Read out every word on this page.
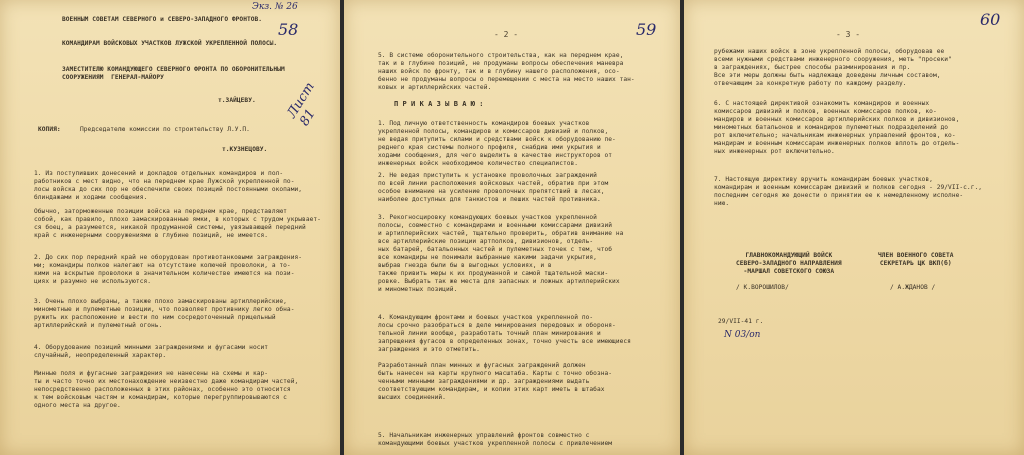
Экз. № 26
58
Лист 81
ВОЕННЫМ СОВЕТАМ СЕВЕРНОГО и СЕВЕРО-ЗАПАДНОГО ФРОНТОВ.
КОМАНДИРАМ ВОЙСКОВЫХ УЧАСТКОВ ЛУЖСКОЙ УКРЕПЛЕННОЙ ПОЛОСЫ.
ЗАМЕСТИТЕЛЮ КОМАНДУЮЩЕГО СЕВЕРНОГО ФРОНТА ПО ОБОРОНИТЕЛЬНЫМ
СООРУЖЕНИЯМ  ГЕНЕРАЛ-МАЙОРУ
т.ЗАЙЦЕВУ.
КОПИЯ:	Председателю комиссии по строительству Л.У.П.
т.КУЗНЕЦОВУ.
1. Из поступивших донесений и докладов отдельных командиров и пол-
работников с мест видно, что на переднем крае Лужской укрепленной по-
лосы войска до сих пор не обеспечили своих позиций постоянными окопами,
блиндажами и ходами сообщения.
Обычно, заторможенные позиции войска на переднем крае, представляют
собой, как правило, плохо замаскированные ямки, в которых с трудом укрывает-
ся боец, а разумеется, никакой продуманной системы, увязывающей передний
край с инженерными сооружениями в глубине позиций, не имеется.
2. До сих пор передний край не оборудован противотанковыми заграждения-
ми; командиры полков налегают на отсутствие колючей проволоки, а то-
кими на вскрытые проволоки в значительном количестве имеются на пози-
циях и разумно не используются.
3. Очень плохо выбраны, а также плохо замаскированы артиллерийские,
минометные и пулеметные позиции, что позволяет противнику легко обна-
ружить их расположение и вести по ним сосредоточенный прицельный
артиллерийский и пулеметный огонь.
4. Оборудование позиций минными заграждениями и фугасами носит
случайный, неопределенный характер.
Минные поля и фугасные заграждения не нанесены на схемы и кар-
ты и часто точно их местонахождение неизвестно даже командирам частей,
непосредственно расположенных в этих районах, особенно это относится
к тем войсковым частям и командирам, которые перегруппировываются с
одного места на другое.
- 2 -	59
5. В системе оборонительного строительства, как на переднем крае,
так и в глубине позиций, не продуманы вопросы обеспечения маневра
наших войск по фронту, так и в глубину нашего расположения, осо-
бенно не продуманы вопросы о перемещении с места на место наших тан-
ковых и артиллерийских частей.
П Р И К А З Ы В А Ю :
1. Под личную ответственность командиров боевых участков
укрепленной полосы, командиров и комиссаров дивизий и полков,
не ведая притупить силами и средствами войск к оборудованию пе-
реднего края системы полного профиля, снабдив ими укрытия и
ходами сообщения, для чего выделить в качестве инструкторов от
инженерных войск необходимое количество специалистов.
2. Не ведая приступить к установке проволочных заграждений
по всей линии расположения войсковых частей, обратив при этом
особое внимание на усиление проволочных препятствий в лесах,
наиболее доступных для танкистов и пеших частей противника.
3. Рекогносцировку командующих боевых участков укрепленной
полосы, совместно с командирами и военными комиссарами дивизий
и артиллерийских частей, тщательно проверить, обратив внимание на
все артиллерийские позиции артполков, дивизионов, отдель-
ных батарей, батальонных частей и пулеметных точек с тем, чтоб
все командиры не понимали выбранные какими задачи укрытия,
выбрав гнезда были бы в выгодных условиях, и в
также привить меры к их продуманной и самой тщательной маски-
ровке. Выбрать так же места для запасных и ложных артиллерийских
и минометных позиций.
4. Командующим фронтами и боевых участков укрепленной по-
лосы срочно разобраться в деле минирования передовых и обороня-
тельной линии вообще, разработать точный план минирования и
запрещения фугасов в определенных зонах, точно учесть все имеющиеся
заграждения и это отметить.
Разработанный план минных и фугасных заграждений должен
быть нанесен на карты крупного масштаба. Карты с точно обозна-
ченными минными заграждениями и др. заграждениями выдать
соответствующим командирам, и копии этих карт иметь в штабах
высших соединений.
5. Начальникам инженерных управлений фронтов совместно с
командующими боевых участков укрепленной полосы с привлечением
- 3 -
60
рубежами наших войск в зоне укрепленной полосы, оборудовав ее
всеми нужными средствами инженерного сооружения, меть "просеки"
в заграждениях, быстрее способы разминирования и пр.
Все эти меры должны быть надлежаще доведены личным составом,
отвечающим за конкретную работу по каждому разделу.
6. С настоящей директивой ознакомить командиров и военных
комиссаров дивизий и полков, военных комиссаров полков, ко-
мандиров и военных комиссаров артиллерийских полков и дивизионов,
минометных батальонов и командиров пулеметных подразделений до
рот включительно; начальникам инженерных управлений фронтов, ко-
мандирам и военным комиссарам инженерных полков вплоть до отдель-
ных инженерных рот включительно.
7. Настоящую директиву вручить командирам боевых участков,
командирам и военным комиссарам дивизий и полков сегодня - 29/VII-с.г.,
последним сегодня же донести о принятии ее к немедленному исполне-
нию.
ГЛАВНОКОМАНДУЮЩИЙ ВОЙСК
СЕВЕРО-ЗАПАДНОГО НАПРАВЛЕНИЯ
-МАРШАЛ СОВЕТСКОГО СОЮЗА
/ К.ВОРОШИЛОВ/
ЧЛЕН ВОЕННОГО СОВЕТА
СЕКРЕТАРЬ ЦК ВКП(б)
/ А.ЖДАНОВ /
29/VII-41 г.
N 03/оп
